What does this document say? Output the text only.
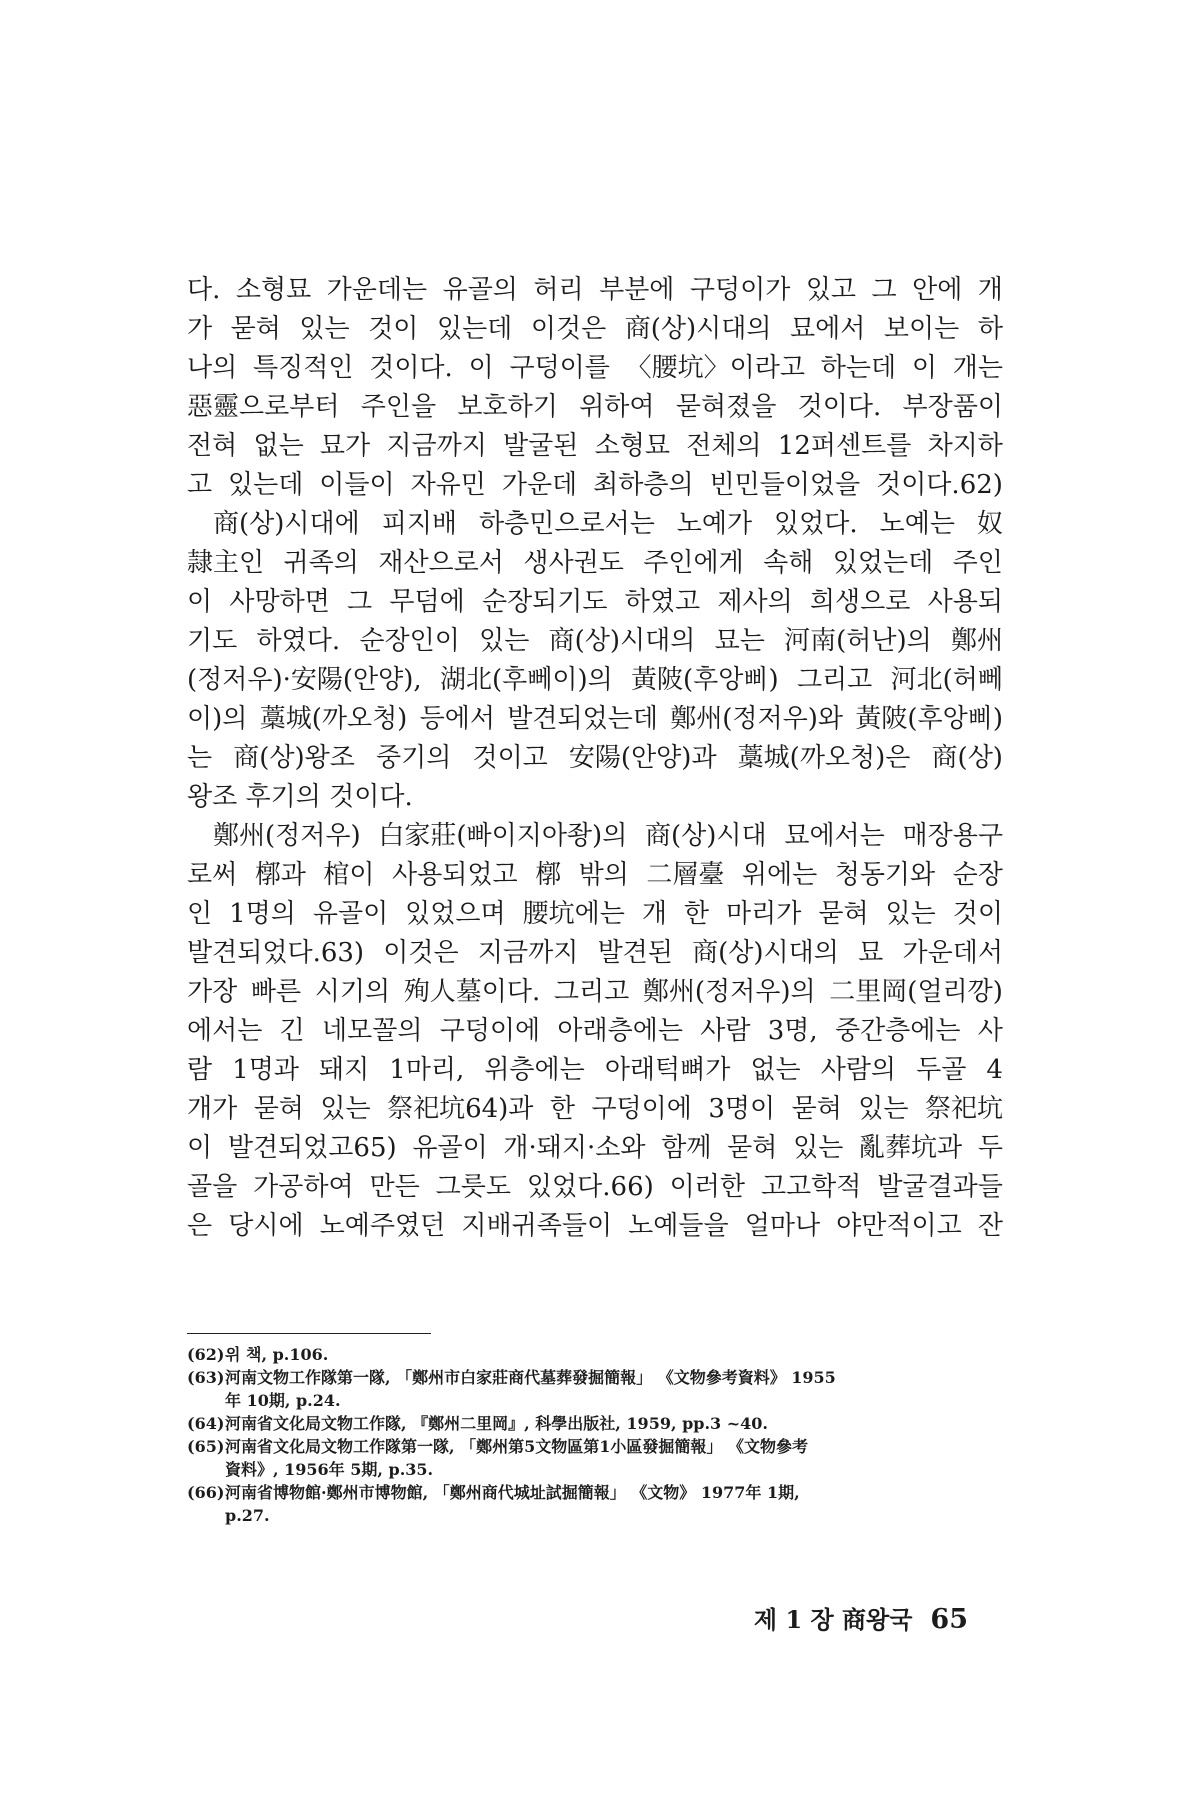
다. 소형묘 가운데는 유골의 허리 부분에 구덩이가 있고 그 안에 개
가 묻혀 있는 것이 있는데 이것은 商(상)시대의 묘에서 보이는 하
나의 특징적인 것이다. 이 구덩이를 〈腰坑〉이라고 하는데 이 개는
惡靈으로부터 주인을 보호하기 위하여 묻혀졌을 것이다. 부장품이
전혀 없는 묘가 지금까지 발굴된 소형묘 전체의 12퍼센트를 차지하
고 있는데 이들이 자유민 가운데 최하층의 빈민들이었을 것이다.62)
　商(상)시대에 피지배 하층민으로서는 노예가 있었다. 노예는 奴
隷主인 귀족의 재산으로서 생사권도 주인에게 속해 있었는데 주인
이 사망하면 그 무덤에 순장되기도 하였고 제사의 희생으로 사용되
기도 하였다. 순장인이 있는 商(상)시대의 묘는 河南(허난)의 鄭州
(정저우)·安陽(안양), 湖北(후뻬이)의 黃陂(후앙삐) 그리고 河北(허뻬
이)의 藁城(까오청) 등에서 발견되었는데 鄭州(정저우)와 黃陂(후앙삐)
는 商(상)왕조 중기의 것이고 安陽(안양)과 藁城(까오청)은 商(상)
왕조 후기의 것이다.
　鄭州(정저우) 白家莊(빠이지아좡)의 商(상)시대 묘에서는 매장용구
로써 槨과 棺이 사용되었고 槨 밖의 二層臺 위에는 청동기와 순장
인 1명의 유골이 있었으며 腰坑에는 개 한 마리가 묻혀 있는 것이
발견되었다.63) 이것은 지금까지 발견된 商(상)시대의 묘 가운데서
가장 빠른 시기의 殉人墓이다. 그리고 鄭州(정저우)의 二里岡(얼리깡)
에서는 긴 네모꼴의 구덩이에 아래층에는 사람 3명, 중간층에는 사
람 1명과 돼지 1마리, 위층에는 아래턱뼈가 없는 사람의 두골 4
개가 묻혀 있는 祭祀坑64)과 한 구덩이에 3명이 묻혀 있는 祭祀坑
이 발견되었고65) 유골이 개·돼지·소와 함께 묻혀 있는 亂葬坑과 두
골을 가공하여 만든 그릇도 있었다.66) 이러한 고고학적 발굴결과들
은 당시에 노예주였던 지배귀족들이 노예들을 얼마나 야만적이고 잔
(62) 위 책, p.106.
(63) 河南文物工作隊第一隊, 「鄭州市白家莊商代墓葬發掘簡報」 《文物參考資料》 1955
年 10期, p.24.
(64) 河南省文化局文物工作隊, 『鄭州二里岡』, 科學出版社, 1959, pp.3 ~40.
(65) 河南省文化局文物工作隊第一隊, 「鄭州第5文物區第1小區發掘簡報」 《文物參考
資料》, 1956年 5期, p.35.
(66) 河南省博物館·鄭州市博物館, 「鄭州商代城址試掘簡報」 《文物》 1977年 1期,
p.27.
제 1 장 商왕국 65
